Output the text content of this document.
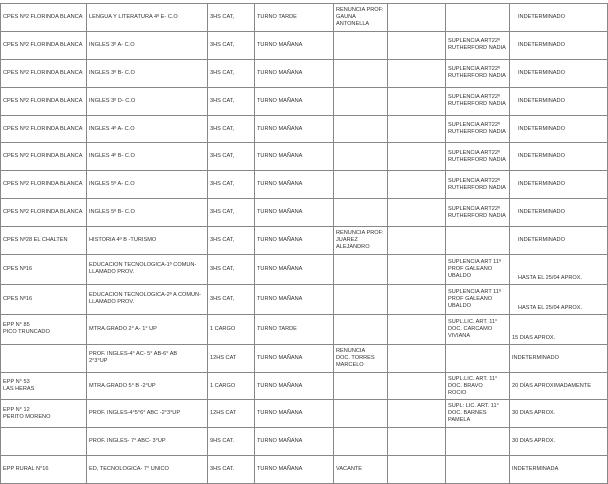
CPES Nº2 FLORINDA BLANCA	LENGUA Y LITERATURA 4º E- C.O	3HS CAT,	TURNO TARDE	RENUNCIA PROF:
GAUNA
ANTONELLA			INDETERMINADO
CPES Nº2 FLORINDA BLANCA	INGLES 3º A- C.O	3HS CAT,	TURNO MAÑANA			SUPLENCIA ART22º
RUTHERFORD NADIA	INDETERMINADO
CPES Nº2 FLORINDA BLANCA	INGLES 3º B- C.O	3HS CAT,	TURNO MAÑANA			SUPLENCIA ART22º
RUTHERFORD NADIA	INDETERMINADO
CPES Nº2 FLORINDA BLANCA	INGLES 3º D- C.O	3HS CAT,	TURNO MAÑANA			SUPLENCIA ART22º
RUTHERFORD NADIA	INDETERMINADO
CPES Nº2 FLORINDA BLANCA	INGLES 4º A- C.O	3HS CAT,	TURNO MAÑANA			SUPLENCIA ART22º
RUTHERFORD NADIA	INDETERMINADO
CPES Nº2 FLORINDA BLANCA	INGLES 4º B- C.O	3HS CAT,	TURNO MAÑANA			SUPLENCIA ART22º
RUTHERFORD NADIA	INDETERMINADO
CPES Nº2 FLORINDA BLANCA	INGLES 5º A- C.O	3HS CAT,	TURNO MAÑANA			SUPLENCIA ART22º
RUTHERFORD NADIA	INDETERMINADO
CPES Nº2 FLORINDA BLANCA	INGLES 5º B- C.O	3HS CAT,	TURNO MAÑANA			SUPLENCIA ART22º
RUTHERFORD NADIA	INDETERMINADO
CPES Nº28 EL CHALTEN	HISTORIA 4º B -TURISMO	3HS CAT,	TURNO MAÑANA	RENUNCIA PROF:
JUAREZ
ALEJANDRO			INDETERMINADO
CPES Nº16	EDUCACION TECNOLOGICA-1º COMUN-
LLAMADO PROV.	3HS CAT,	TURNO MAÑANA			SUPLENCIA ART 11º
PROF GALEANO
UBALDO	HASTA EL 25/04 APROX.
CPES Nº16	EDUCACION TECNOLOGICA-2º A COMUN-
LLAMADO PROV.	3HS CAT,	TURNO MAÑANA			SUPLENCIA ART 11º
PROF GALEANO
UBALDO	HASTA EL 25/04 APROX.
EPP N° 85
PICO TRUNCADO	MTRA.GRADO 2° A- 1° UP	1 CARGO	TURNO TARDE			SUPL.LIC. ART. 11°
DOC. CARCAMO
VIVIANA	15 DIAS APROX.
	PROF. INGLES-4° AC- 5° AB-6° AB
2°3°UP	12HS CAT	TURNO MAÑANA	RENUNCIA
DOC. TORRES
MARCELO			INDETERMINADO
EPP N° 53
LAS HERAS	MTRA.GRADO 5° B -2°UP	1 CARGO	TURNO MAÑANA			SUPL.LIC. ART. 11°
DOC. BRAVO
ROCIO	20 DÍAS APROXIMADAMENTE
EPP N° 12
PERITO MORENO	PROF. INGLES-4°5°6° ABC -2°3°UP	12HS CAT	TURNO MAÑANA			SUPL: LIC. ART. 11°
DOC. BARNES
PAMELA	30 DIAS APROX.
	PROF. INGLES- 7° ABC- 3°UP	9HS CAT.	TURNO MAÑANA				30 DIAS APROX.
EPP RURAL N°16	ED, TECNOLOGICA- 7° UNICO	3HS CAT.	TURNO MAÑANA	VACANTE			INDETERMINADA
